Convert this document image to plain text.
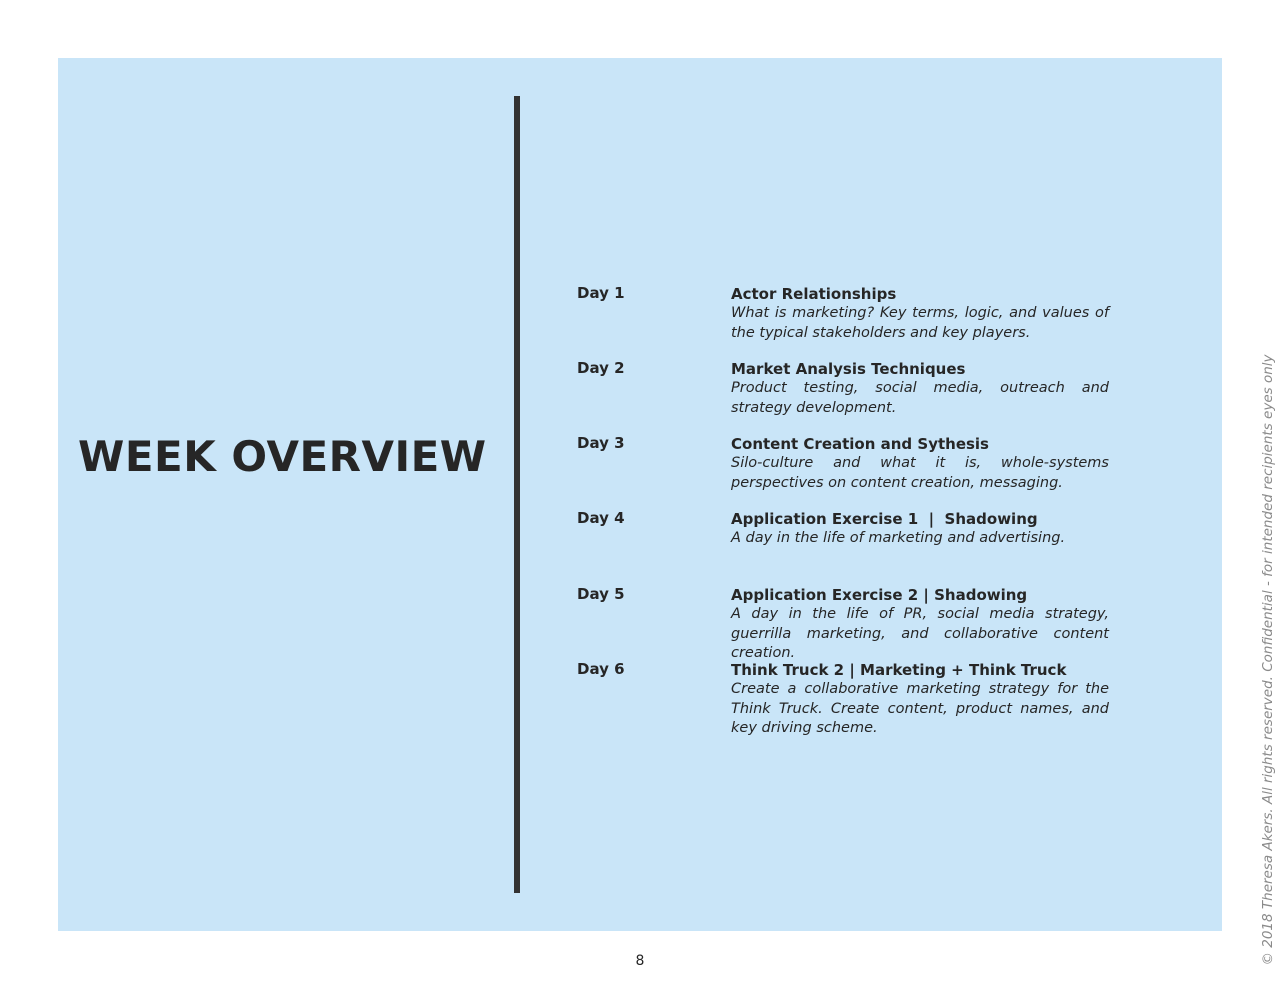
WEEK OVERVIEW
Day 1	Actor Relationships
What is marketing? Key terms, logic, and values of the typical stakeholders and key players.
Day 2	Market Analysis Techniques
Product testing, social media, outreach and strategy development.
Day 3	Content Creation and Sythesis
Silo-culture and what it is, whole-systems perspectives on content creation, messaging.
Day 4	Application Exercise 1  |  Shadowing
A day in the life of marketing and advertising.
Day 5	Application Exercise 2 | Shadowing
A day in the life of PR, social media strategy, guerrilla marketing, and collaborative content creation.
Day 6	Think Truck 2 | Marketing + Think Truck
Create a collaborative marketing strategy for the Think Truck. Create content, product names, and key driving scheme.
8	© 2018 Theresa Akers. All rights reserved. Confidential - for intended recipients eyes only
